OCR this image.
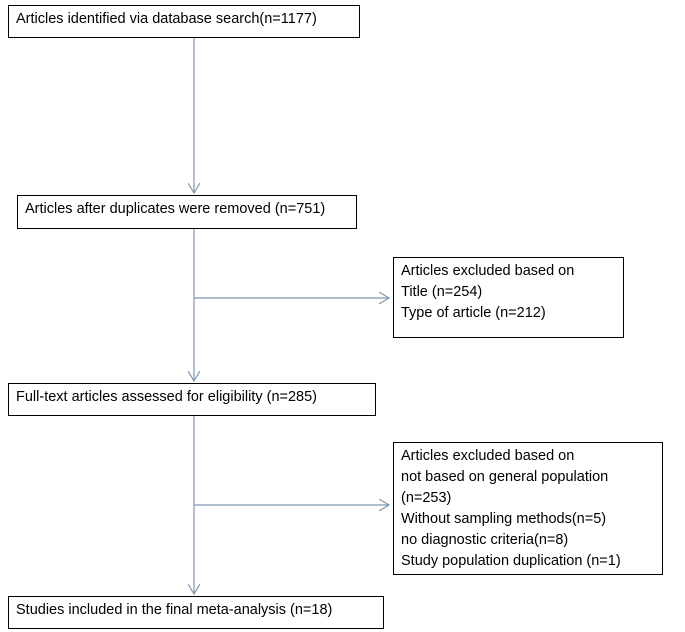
Articles identified via database search(n=1177)
Articles after duplicates were removed (n=751)
Articles excluded based on
Title (n=254)
Type of article (n=212)
Full-text articles assessed for eligibility (n=285)
Articles excluded based on
not based on general population
(n=253)
Without sampling methods(n=5)
no diagnostic criteria(n=8)
Study population duplication (n=1)
Studies included in the final meta-analysis (n=18)
